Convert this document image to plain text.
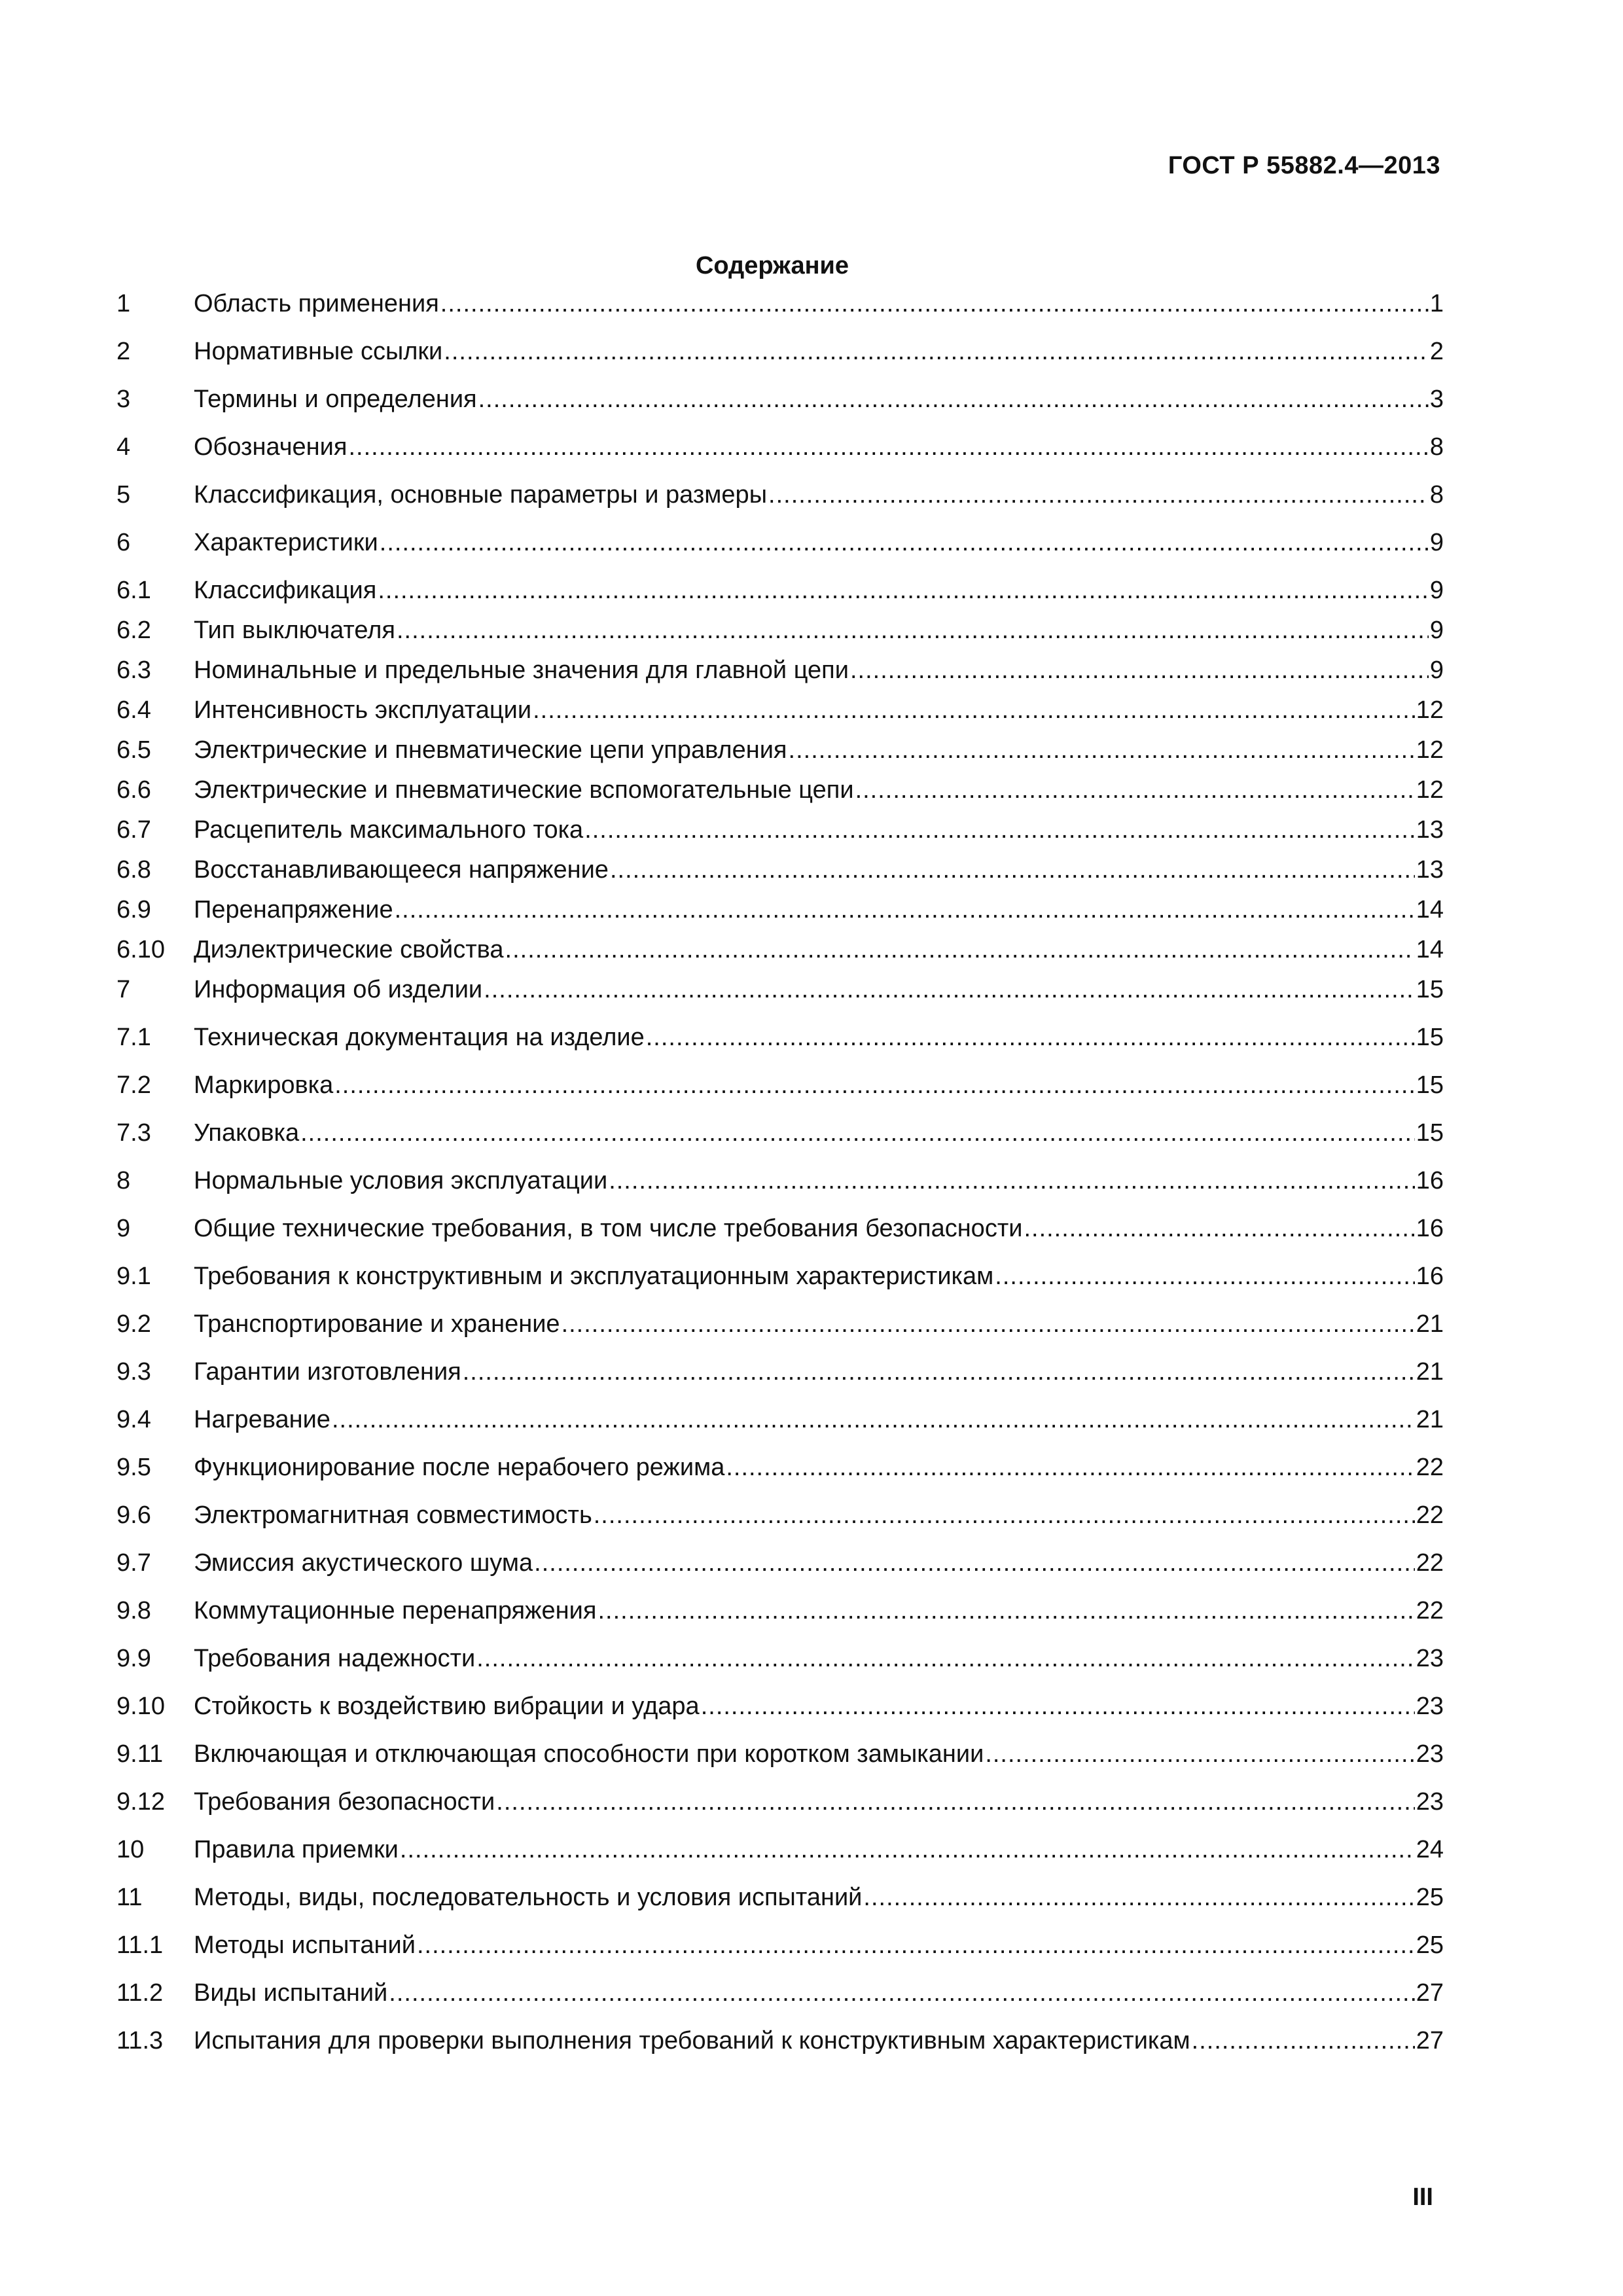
ГОСТ Р 55882.4—2013
Содержание
1	Область применения .....	1
2	Нормативные ссылки .....	2
3	Термины и определения .....	3
4	Обозначения .....	8
5	Классификация, основные параметры и размеры .....	8
6	Характеристики .....	9
6.1	Классификация .....	9
6.2	Тип выключателя .....	9
6.3	Номинальные и предельные значения для главной цепи .....	9
6.4	Интенсивность эксплуатации .....	12
6.5	Электрические и пневматические цепи управления .....	12
6.6	Электрические и пневматические вспомогательные цепи .....	12
6.7	Расцепитель максимального тока .....	13
6.8	Восстанавливающееся напряжение .....	13
6.9	Перенапряжение .....	14
6.10	Диэлектрические свойства .....	14
7	Информация об изделии .....	15
7.1	Техническая документация на изделие .....	15
7.2	Маркировка .....	15
7.3	Упаковка .....	15
8	Нормальные условия эксплуатации .....	16
9	Общие технические требования, в том числе требования безопасности .....	16
9.1	Требования к конструктивным и эксплуатационным характеристикам .....	16
9.2	Транспортирование и хранение .....	21
9.3	Гарантии изготовления .....	21
9.4	Нагревание .....	21
9.5	Функционирование после нерабочего режима .....	22
9.6	Электромагнитная совместимость .....	22
9.7	Эмиссия акустического шума .....	22
9.8	Коммутационные перенапряжения .....	22
9.9	Требования надежности .....	23
9.10	Стойкость к воздействию вибрации и удара .....	23
9.11	Включающая и отключающая способности при коротком замыкании .....	23
9.12	Требования безопасности .....	23
10	Правила приемки .....	24
11	Методы, виды, последовательность и условия испытаний .....	25
11.1	Методы испытаний .....	25
11.2	Виды испытаний .....	27
11.3	Испытания для проверки выполнения требований к конструктивным характеристикам .....	27
III
